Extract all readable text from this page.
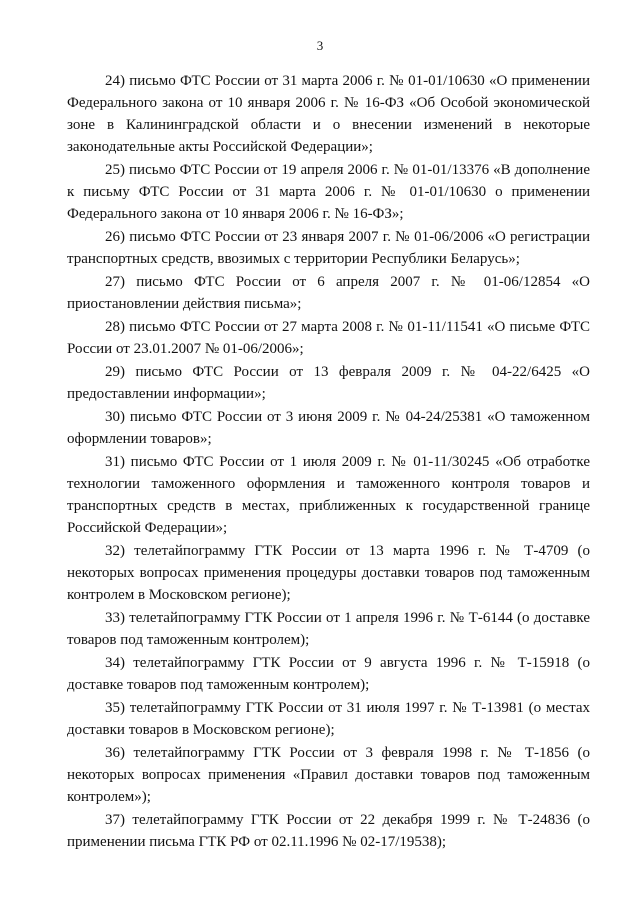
3

24) письмо ФТС России от 31 марта 2006 г. № 01-01/10630 «О применении Федерального закона от 10 января 2006 г. № 16-ФЗ «Об Особой экономической зоне в Калининградской области и о внесении изменений в некоторые законодательные акты Российской Федерации»;

25) письмо ФТС России от 19 апреля 2006 г. № 01-01/13376 «В дополнение к письму ФТС России от 31 марта 2006 г. № 01-01/10630 о применении Федерального закона от 10 января 2006 г. № 16-ФЗ»;

26) письмо ФТС России от 23 января 2007 г. № 01-06/2006 «О регистрации транспортных средств, ввозимых с территории Республики Беларусь»;

27) письмо ФТС России от 6 апреля 2007 г. № 01-06/12854 «О приостановлении действия письма»;

28) письмо ФТС России от 27 марта 2008 г. № 01-11/11541 «О письме ФТС России от 23.01.2007 № 01-06/2006»;

29) письмо ФТС России от 13 февраля 2009 г. № 04-22/6425 «О предоставлении информации»;

30) письмо ФТС России от 3 июня 2009 г. № 04-24/25381 «О таможенном оформлении товаров»;

31) письмо ФТС России от 1 июля 2009 г. № 01-11/30245 «Об отработке технологии таможенного оформления и таможенного контроля товаров и транспортных средств в местах, приближенных к государственной границе Российской Федерации»;

32) телетайпограмму ГТК России от 13 марта 1996 г. № Т-4709 (о некоторых вопросах применения процедуры доставки товаров под таможенным контролем в Московском регионе);

33) телетайпограмму ГТК России от 1 апреля 1996 г. № Т-6144 (о доставке товаров под таможенным контролем);

34) телетайпограмму ГТК России от 9 августа 1996 г. № Т-15918 (о доставке товаров под таможенным контролем);

35) телетайпограмму ГТК России от 31 июля 1997 г. № Т-13981 (о местах доставки товаров в Московском регионе);

36) телетайпограмму ГТК России от 3 февраля 1998 г. № Т-1856 (о некоторых вопросах применения «Правил доставки товаров под таможенным контролем»);

37) телетайпограмму ГТК России от 22 декабря 1999 г. № Т-24836 (о применении письма ГТК РФ от 02.11.1996 № 02-17/19538);
